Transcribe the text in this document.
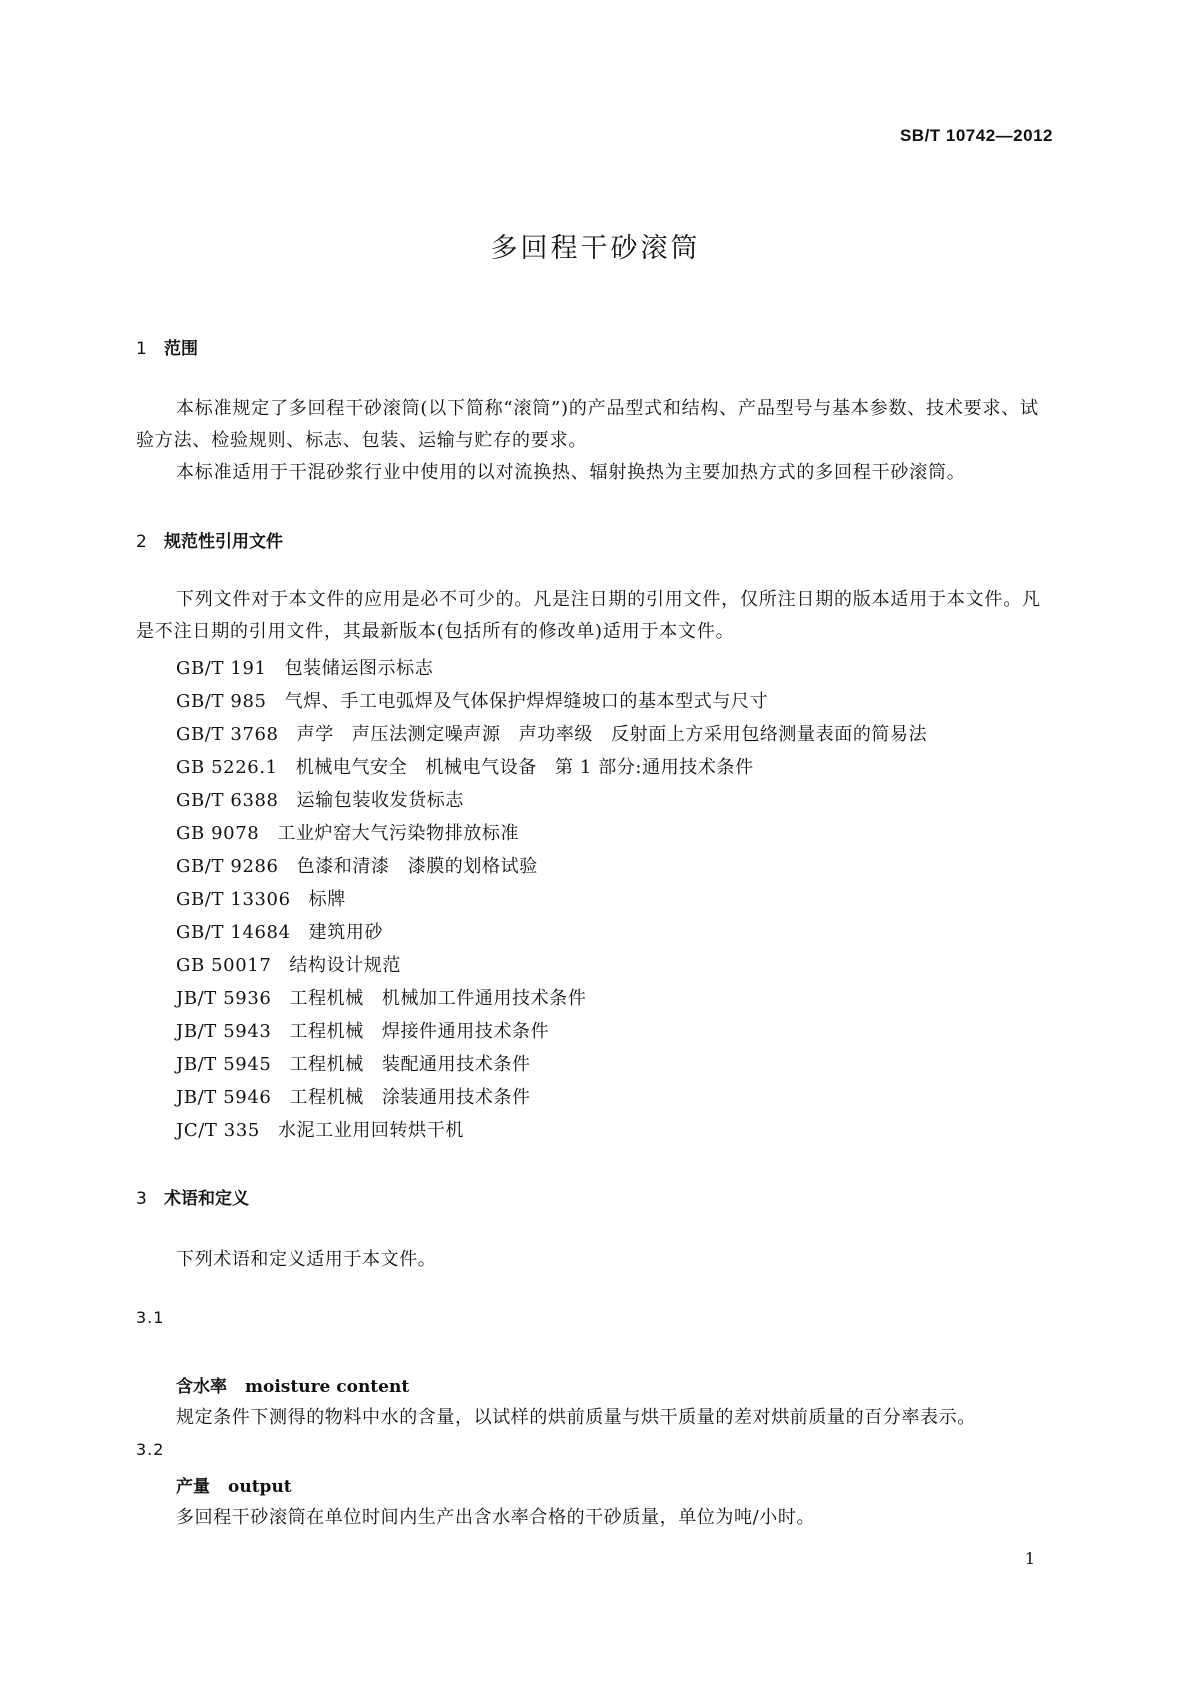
SB/T 10742—2012
多回程干砂滚筒
1 范围
本标准规定了多回程干砂滚筒(以下简称“滚筒”)的产品型式和结构、产品型号与基本参数、技术要求、试验方法、检验规则、标志、包装、运输与贮存的要求。
本标准适用于干混砂浆行业中使用的以对流换热、辐射换热为主要加热方式的多回程干砂滚筒。
2 规范性引用文件
下列文件对于本文件的应用是必不可少的。凡是注日期的引用文件，仅所注日期的版本适用于本文件。凡是不注日期的引用文件，其最新版本(包括所有的修改单)适用于本文件。
GB/T 191 包装储运图示标志
GB/T 985 气焊、手工电弧焊及气体保护焊焊缝坡口的基本型式与尺寸
GB/T 3768 声学 声压法测定噪声源 声功率级 反射面上方采用包络测量表面的简易法
GB 5226.1 机械电气安全 机械电气设备 第 1 部分:通用技术条件
GB/T 6388 运输包装收发货标志
GB 9078 工业炉窑大气污染物排放标准
GB/T 9286 色漆和清漆 漆膜的划格试验
GB/T 13306 标牌
GB/T 14684 建筑用砂
GB 50017 结构设计规范
JB/T 5936 工程机械 机械加工件通用技术条件
JB/T 5943 工程机械 焊接件通用技术条件
JB/T 5945 工程机械 装配通用技术条件
JB/T 5946 工程机械 涂装通用技术条件
JC/T 335 水泥工业用回转烘干机
3 术语和定义
下列术语和定义适用于本文件。
3.1
含水率 moisture content
规定条件下测得的物料中水的含量，以试样的烘前质量与烘干质量的差对烘前质量的百分率表示。
3.2
产量 output
多回程干砂滚筒在单位时间内生产出含水率合格的干砂质量，单位为吨/小时。
1
